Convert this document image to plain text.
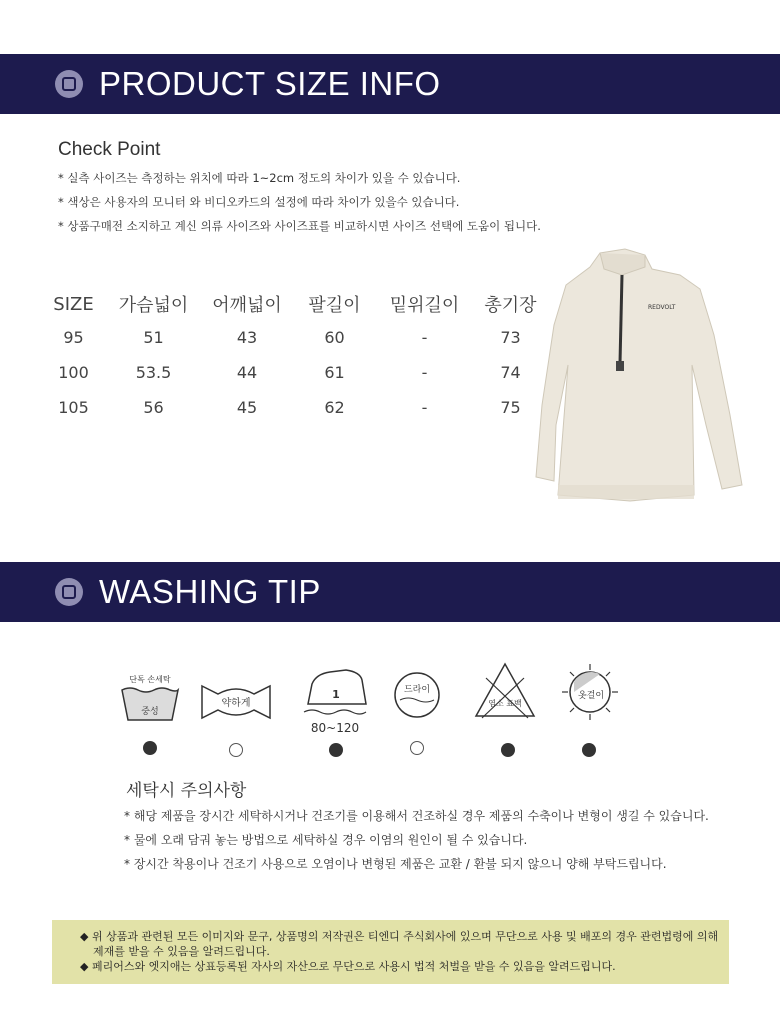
PRODUCT SIZE INFO
Check Point
* 실측 사이즈는 측정하는 위치에 따라 1~2cm 정도의 차이가 있을 수 있습니다.
* 색상은 사용자의 모니터 와 비디오카드의 설정에 따라 차이가 있을수 있습니다.
* 상품구매전 소지하고 계신 의류 사이즈와 사이즈표를 비교하시면 사이즈 선택에 도움이 됩니다.
SIZE	가슴넓이	어깨넓이	팔길이	밑위길이	총기장
95	51	43	60	-	73
100	53.5	44	61	-	74
105	56	45	62	-	75
REDVOLT
WASHING TIP
단독 손세탁
중성
약하게
1
80~120
드라이
염소 표백
옷걸이
세탁시 주의사항
* 해당 제품을 장시간 세탁하시거나 건조기를 이용해서 건조하실 경우 제품의 수축이나 변형이 생길 수 있습니다.
* 물에 오래 담궈 놓는 방법으로 세탁하실 경우 이염의 원인이 될 수 있습니다.
* 장시간 착용이나 건조기 사용으로 오염이나 변형된 제품은 교환 / 환불 되지 않으니 양해 부탁드립니다.
◆ 위 상품과 관련된 모든 이미지와 문구, 상품명의 저작권은 티엔디 주식회사에 있으며 무단으로 사용 및 배포의 경우 관련법령에 의해
제재를 받을 수 있음을 알려드립니다.
◆ 페리어스와 엣지애는 상표등록된 자사의 자산으로 무단으로 사용시 법적 처벌을 받을 수 있음을 알려드립니다.
